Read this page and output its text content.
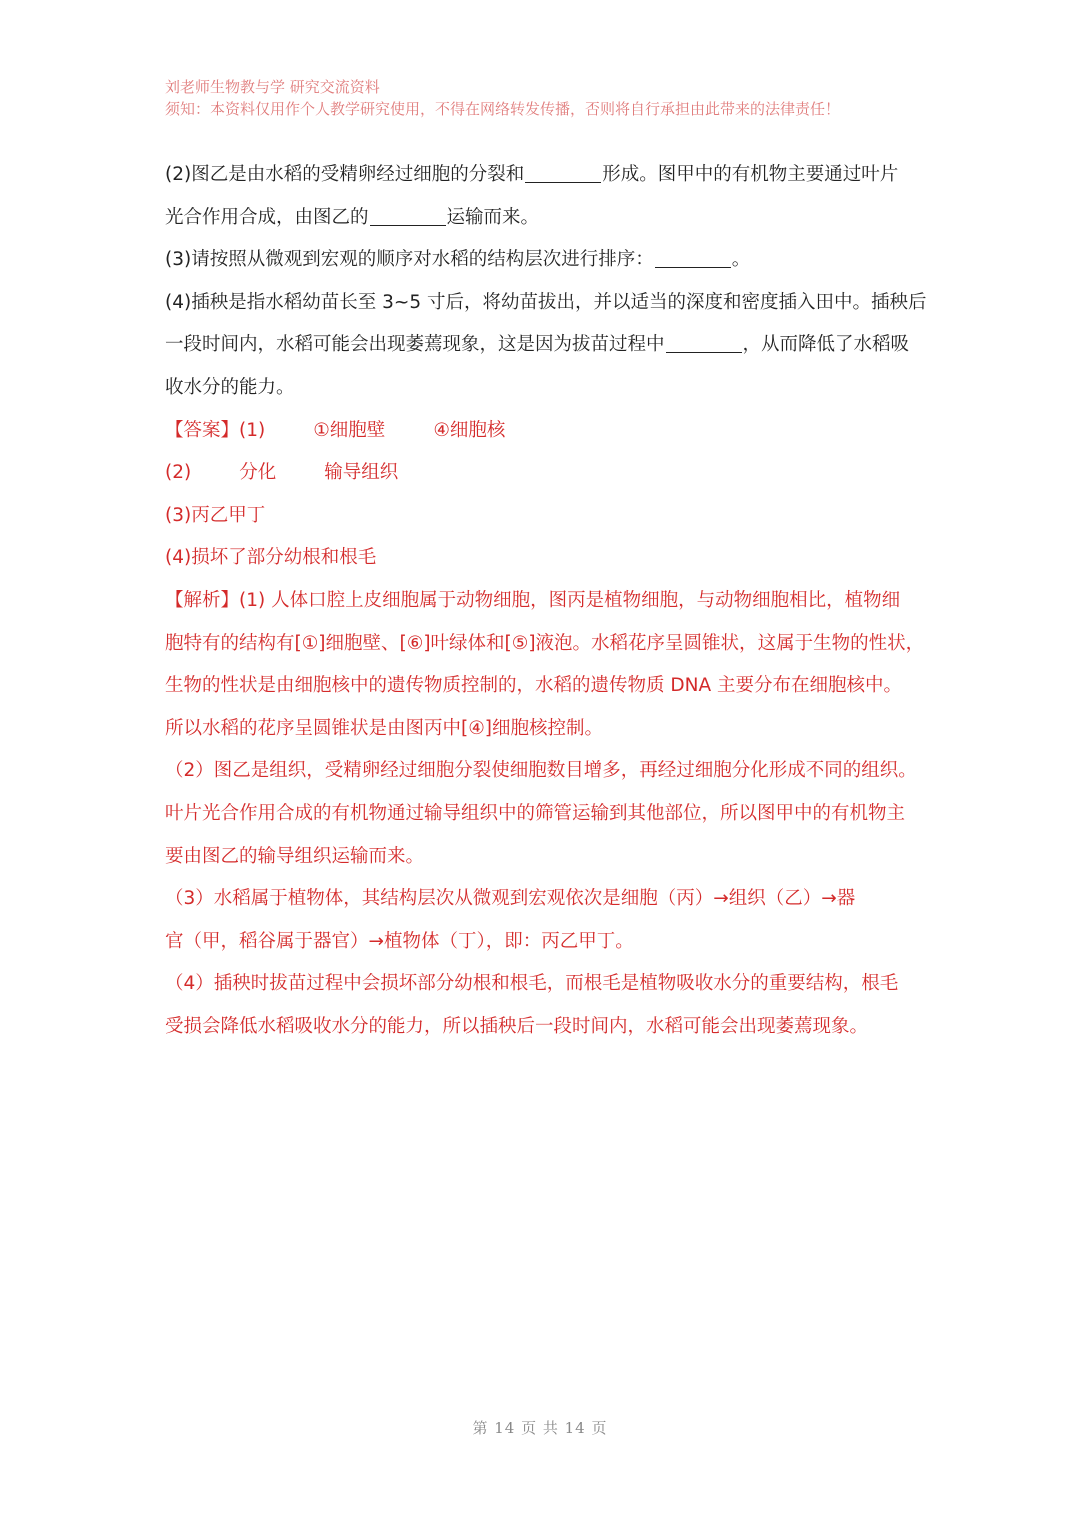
刘老师生物教与学 研究交流资料
须知：本资料仅用作个人教学研究使用，不得在网络转发传播，否则将自行承担由此带来的法律责任！
(2)图乙是由水稻的受精卵经过细胞的分裂和	形成。图甲中的有机物主要通过叶片
光合作用合成，由图乙的	运输而来。
(3)请按照从微观到宏观的顺序对水稻的结构层次进行排序：	。
(4)插秧是指水稻幼苗长至 3~5 寸后，将幼苗拔出，并以适当的深度和密度插入田中。插秧后
一段时间内，水稻可能会出现萎蔫现象，这是因为拔苗过程中	，从而降低了水稻吸
收水分的能力。
【答案】(1)	①细胞壁	④细胞核
(2)	分化	输导组织
(3)丙乙甲丁
(4)损坏了部分幼根和根毛
【解析】(1) 人体口腔上皮细胞属于动物细胞，图丙是植物细胞，与动物细胞相比，植物细
胞特有的结构有[①]细胞壁、[⑥]叶绿体和[⑤]液泡。水稻花序呈圆锥状，这属于生物的性状，
生物的性状是由细胞核中的遗传物质控制的，水稻的遗传物质 DNA 主要分布在细胞核中。
所以水稻的花序呈圆锥状是由图丙中[④]细胞核控制。
（2）图乙是组织，受精卵经过细胞分裂使细胞数目增多，再经过细胞分化形成不同的组织。
叶片光合作用合成的有机物通过输导组织中的筛管运输到其他部位，所以图甲中的有机物主
要由图乙的输导组织运输而来。
（3）水稻属于植物体，其结构层次从微观到宏观依次是细胞（丙）→组织（乙）→器
官（甲，稻谷属于器官）→植物体（丁），即：丙乙甲丁。
（4）插秧时拔苗过程中会损坏部分幼根和根毛，而根毛是植物吸收水分的重要结构，根毛
受损会降低水稻吸收水分的能力，所以插秧后一段时间内，水稻可能会出现萎蔫现象。
第 14 页 共 14 页
